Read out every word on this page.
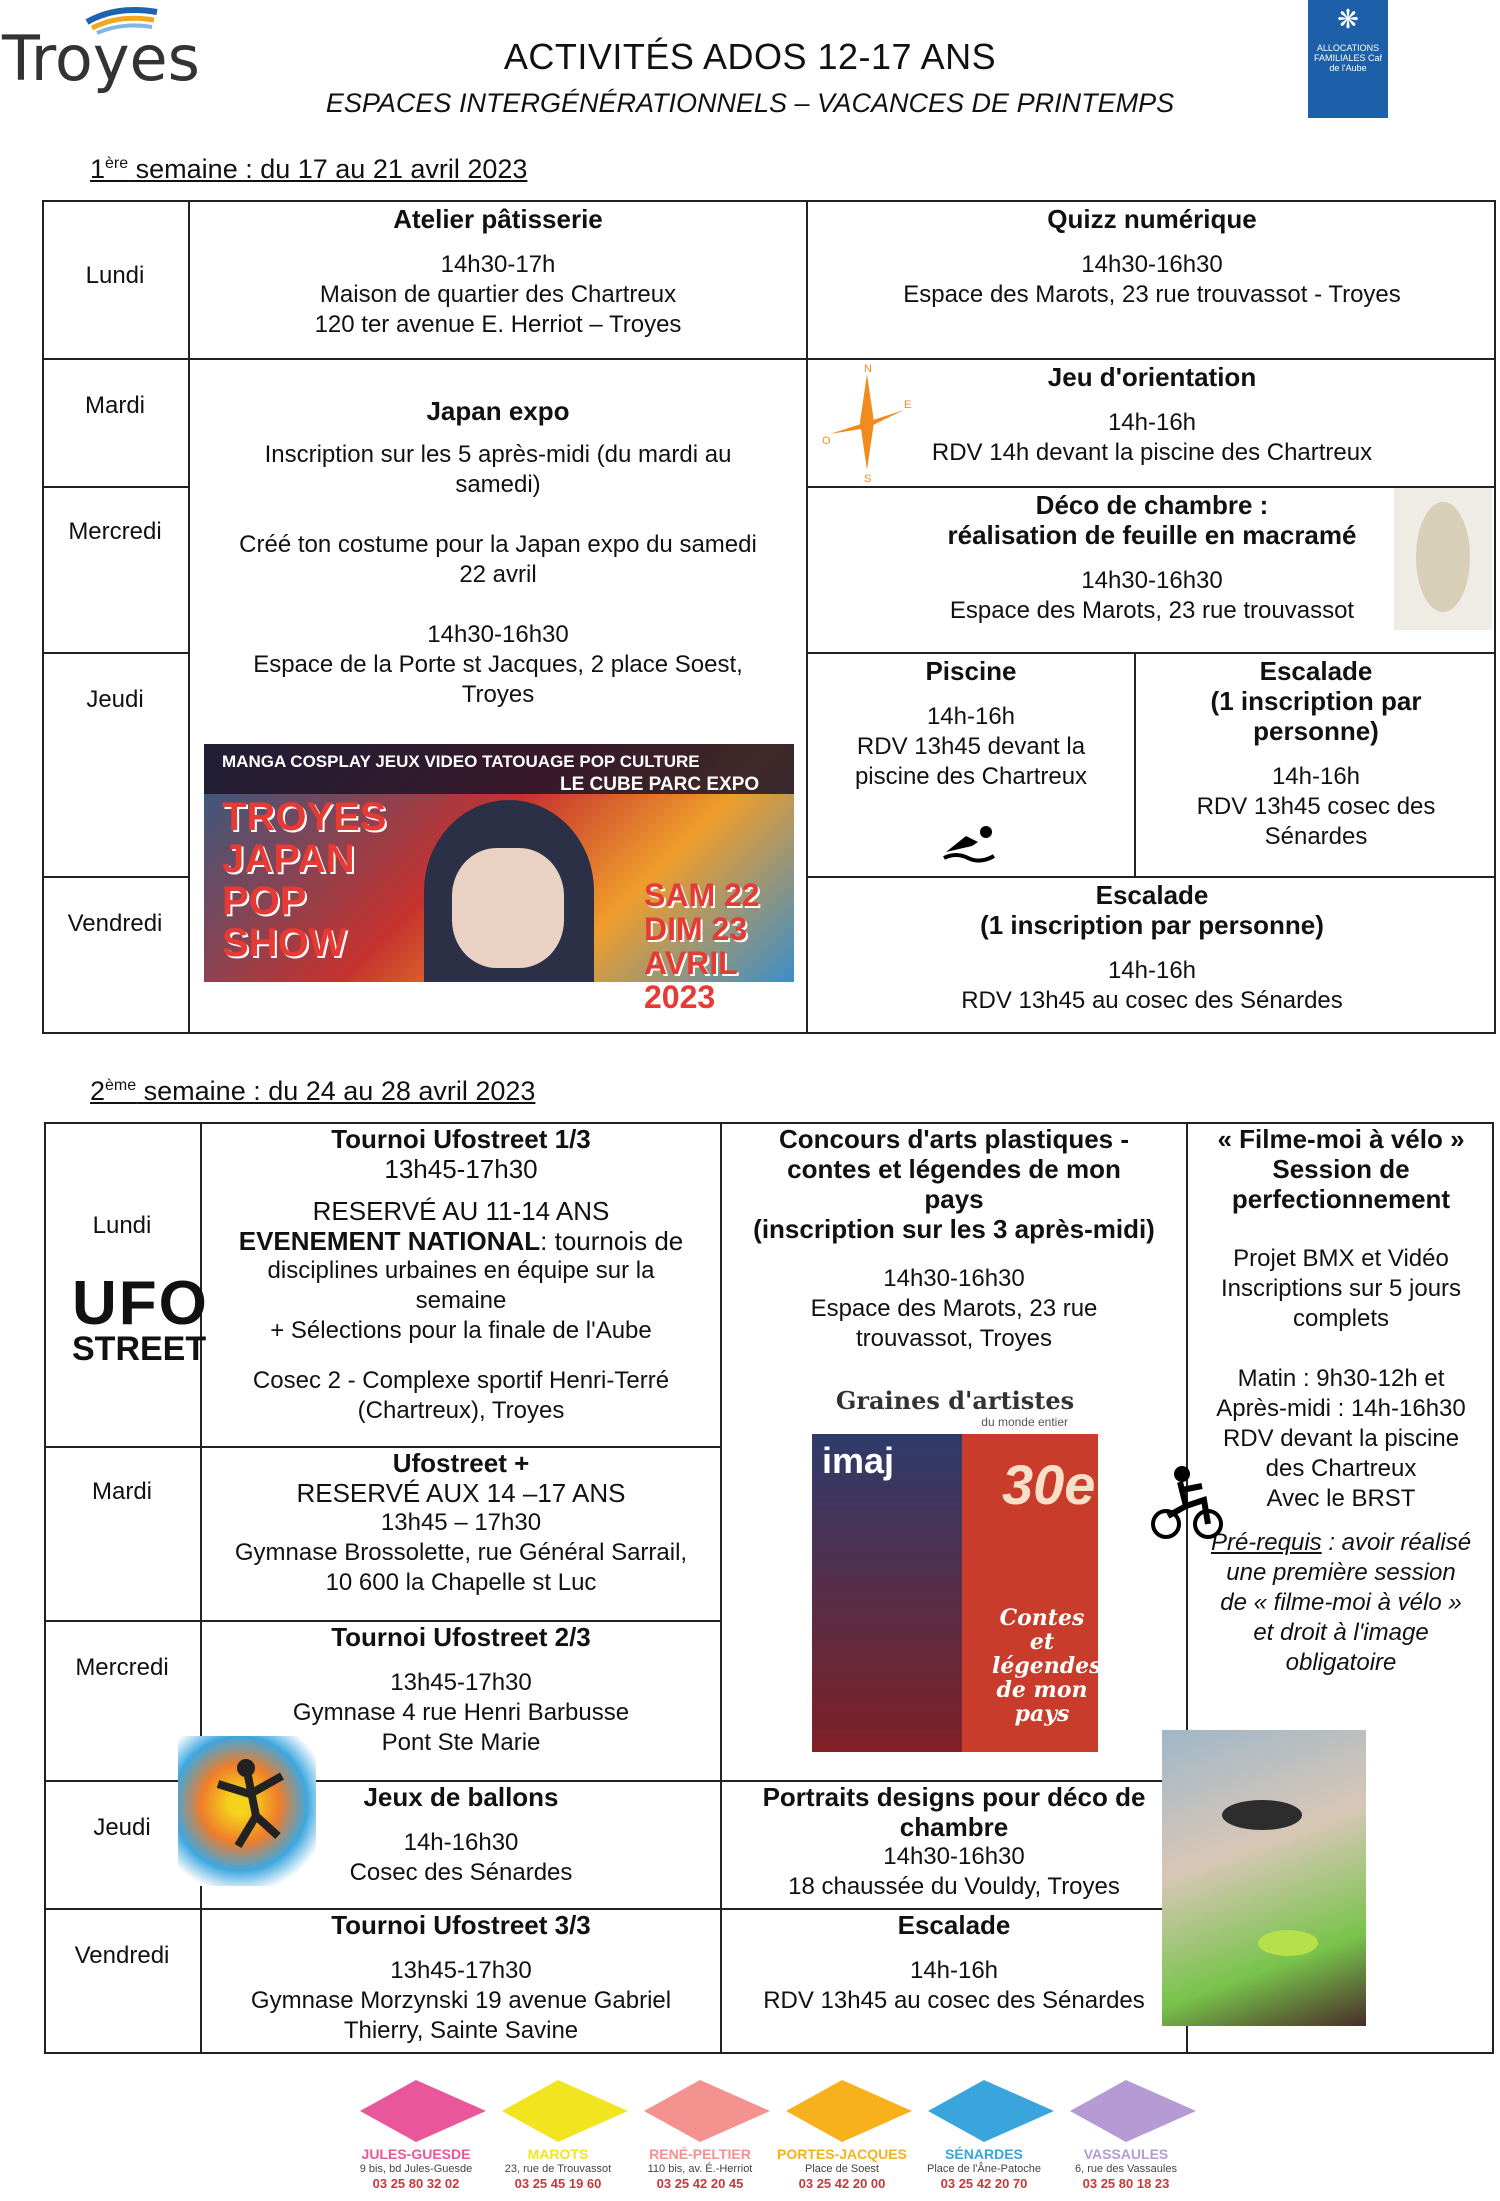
Troyes	ACTIVITÉS ADOS 12-17 ANS
ESPACES INTERGÉNÉRATIONNELS – VACANCES DE PRINTEMPS
❋
ALLOCATIONS FAMILIALES Caf de l'Aube
1ère semaine : du 17 au 21 avril 2023
Lundi
Mardi
Mercredi
Jeudi
Vendredi
Atelier pâtisserie
14h30-17h
Maison de quartier des Chartreux
120 ter avenue E. Herriot – Troyes
Quizz numérique
14h30-16h30
Espace des Marots, 23 rue trouvassot - Troyes
Japan expo
Inscription sur les 5 après-midi (du mardi au
samedi)
Créé ton costume pour la Japan expo du samedi
22 avril
14h30-16h30
Espace de la Porte st Jacques, 2 place Soest,
Troyes
MANGA COSPLAY JEUX VIDEO TATOUAGE POP CULTURE
LE CUBE PARC EXPO
TROYES JAPAN POP SHOW
SAM 22 DIM 23 AVRIL 2023
N
E
O
S
Jeu d'orientation
14h-16h
RDV 14h devant la piscine des Chartreux
Déco de chambre :
réalisation de feuille en macramé
14h30-16h30
Espace des Marots, 23 rue trouvassot
Piscine
14h-16h
RDV 13h45 devant la
piscine des Chartreux
Escalade
(1 inscription par
personne)
14h-16h
RDV 13h45 cosec des
Sénardes
Escalade
(1 inscription par personne)
14h-16h
RDV 13h45 au cosec des Sénardes
2ème semaine : du 24 au 28 avril 2023
Lundi
Mardi
Mercredi
Jeudi
Vendredi
UFO
STREET
Tournoi Ufostreet 1/3
13h45-17h30
RESERVÉ AU 11-14 ANS
EVENEMENT NATIONAL: tournois de
disciplines urbaines en équipe sur la
semaine
+ Sélections pour la finale de l'Aube
Cosec 2 - Complexe sportif Henri-Terré
(Chartreux), Troyes
Ufostreet +
RESERVÉ AUX 14 –17 ANS
13h45 – 17h30
Gymnase Brossolette, rue Général Sarrail,
10 600 la Chapelle st Luc
Tournoi Ufostreet 2/3
13h45-17h30
Gymnase 4 rue Henri Barbusse
Pont Ste Marie
Jeux de ballons
14h-16h30
Cosec des Sénardes
Tournoi Ufostreet 3/3
13h45-17h30
Gymnase Morzynski 19 avenue Gabriel
Thierry, Sainte Savine
Concours d'arts plastiques -
contes et légendes de mon
pays
(inscription sur les 3 après-midi)
14h30-16h30
Espace des Marots, 23 rue
trouvassot, Troyes
Graines d'artistes
du monde entier
imaj 30e
Contes et légendes de mon pays
Portraits designs pour déco de
chambre
14h30-16h30
18 chaussée du Vouldy, Troyes
Escalade
14h-16h
RDV 13h45 au cosec des Sénardes
« Filme-moi à vélo »
Session de
perfectionnement
Projet BMX et Vidéo
Inscriptions sur 5 jours
complets
Matin : 9h30-12h et
Après-midi : 14h-16h30
RDV devant la piscine
des Chartreux
Avec le BRST
Pré-requis : avoir réalisé
une première session
de « filme-moi à vélo »
et droit à l'image
obligatoire
JULES-GUESDE
9 bis, bd Jules-Guesde
03 25 80 32 02
MAROTS
23, rue de Trouvassot
03 25 45 19 60
RENÉ-PELTIER
110 bis, av. É.-Herriot
03 25 42 20 45
PORTES-JACQUES
Place de Soest
03 25 42 20 00
SÉNARDES
Place de l'Âne-Patoche
03 25 42 20 70
VASSAULES
6, rue des Vassaules
03 25 80 18 23
